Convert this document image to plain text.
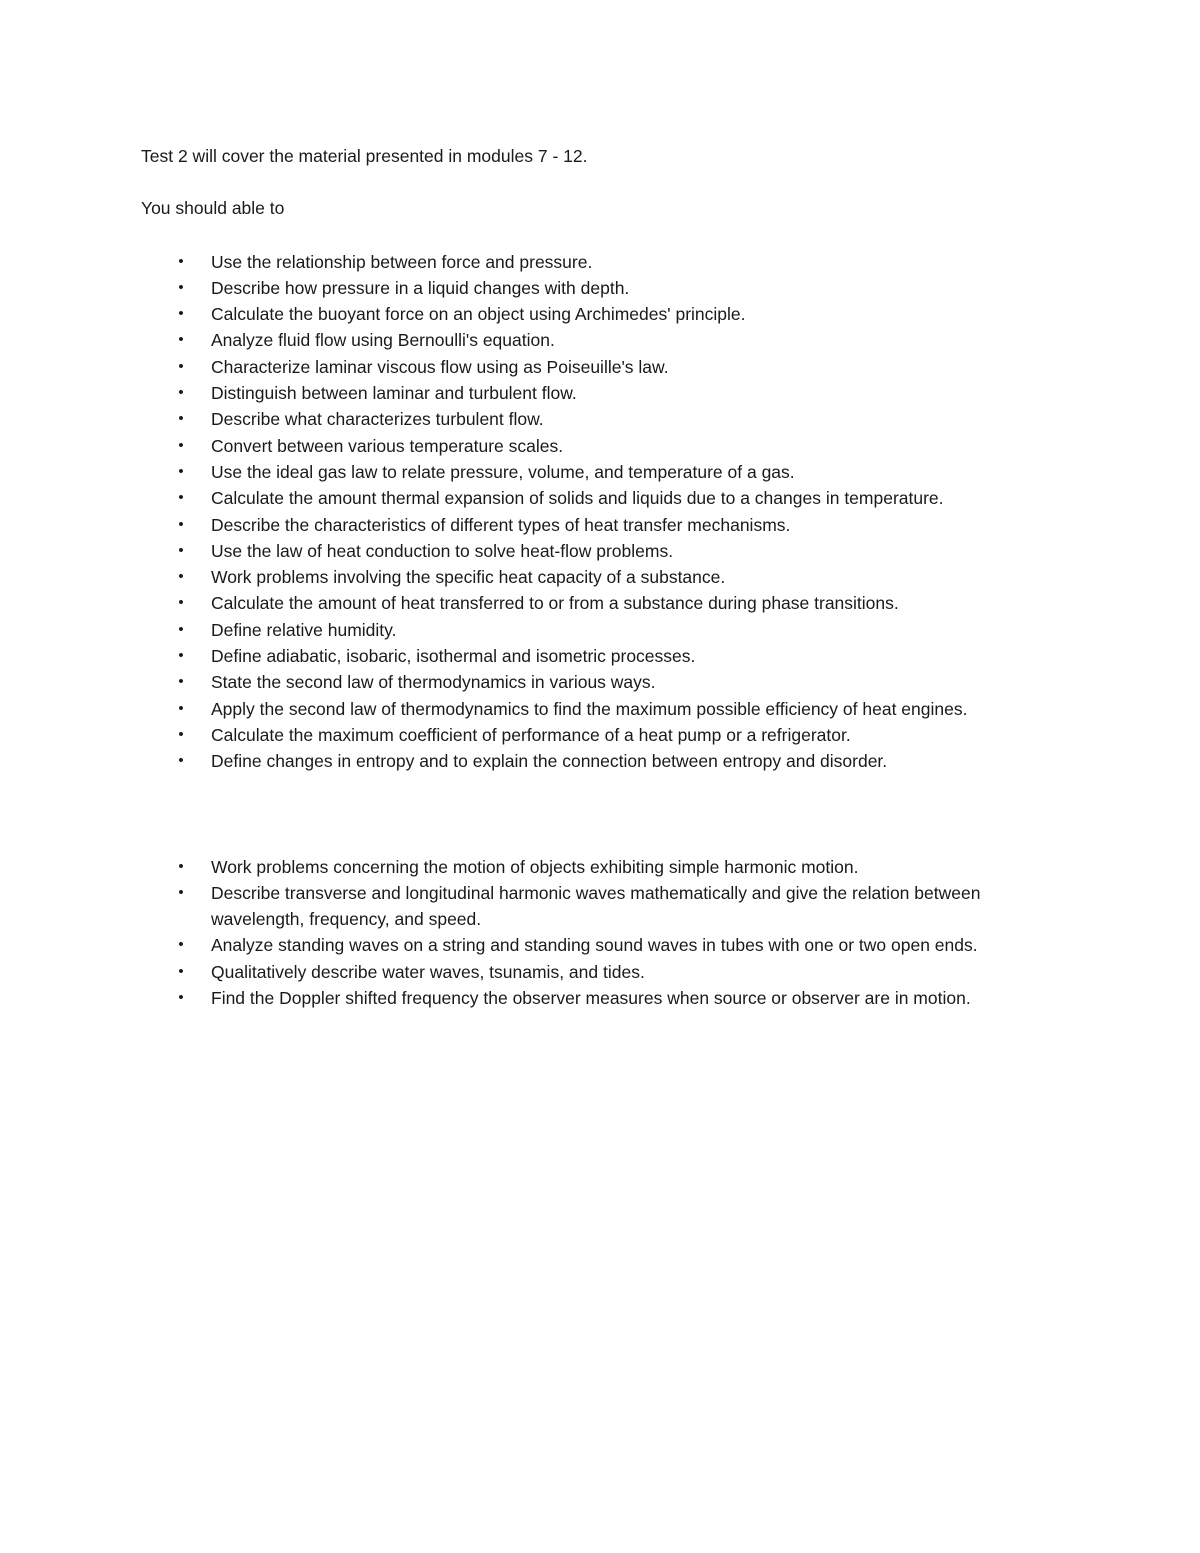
Test 2 will cover the material presented in modules 7 - 12.

You should able to

• Use the relationship between force and pressure.
• Describe how pressure in a liquid changes with depth.
• Calculate the buoyant force on an object using Archimedes' principle.
• Analyze fluid flow using Bernoulli's equation.
• Characterize laminar viscous flow using as Poiseuille's law.
• Distinguish between laminar and turbulent flow.
• Describe what characterizes turbulent flow.
• Convert between various temperature scales.
• Use the ideal gas law to relate pressure, volume, and temperature of a gas.
• Calculate the amount thermal expansion of solids and liquids due to a changes in temperature.
• Describe the characteristics of different types of heat transfer mechanisms.
• Use the law of heat conduction to solve heat-flow problems.
• Work problems involving the specific heat capacity of a substance.
• Calculate the amount of heat transferred to or from a substance during phase transitions.
• Define relative humidity.
• Define adiabatic, isobaric, isothermal and isometric processes.
• State the second law of thermodynamics in various ways.
• Apply the second law of thermodynamics to find the maximum possible efficiency of heat engines.
• Calculate the maximum coefficient of performance of a heat pump or a refrigerator.
• Define changes in entropy and to explain the connection between entropy and disorder.
• Work problems concerning the motion of objects exhibiting simple harmonic motion.
• Describe transverse and longitudinal harmonic waves mathematically and give the relation between wavelength, frequency, and speed.
• Analyze standing waves on a string and standing sound waves in tubes with one or two open ends.
• Qualitatively describe water waves, tsunamis, and tides.
• Find the Doppler shifted frequency the observer measures when source or observer are in motion.
